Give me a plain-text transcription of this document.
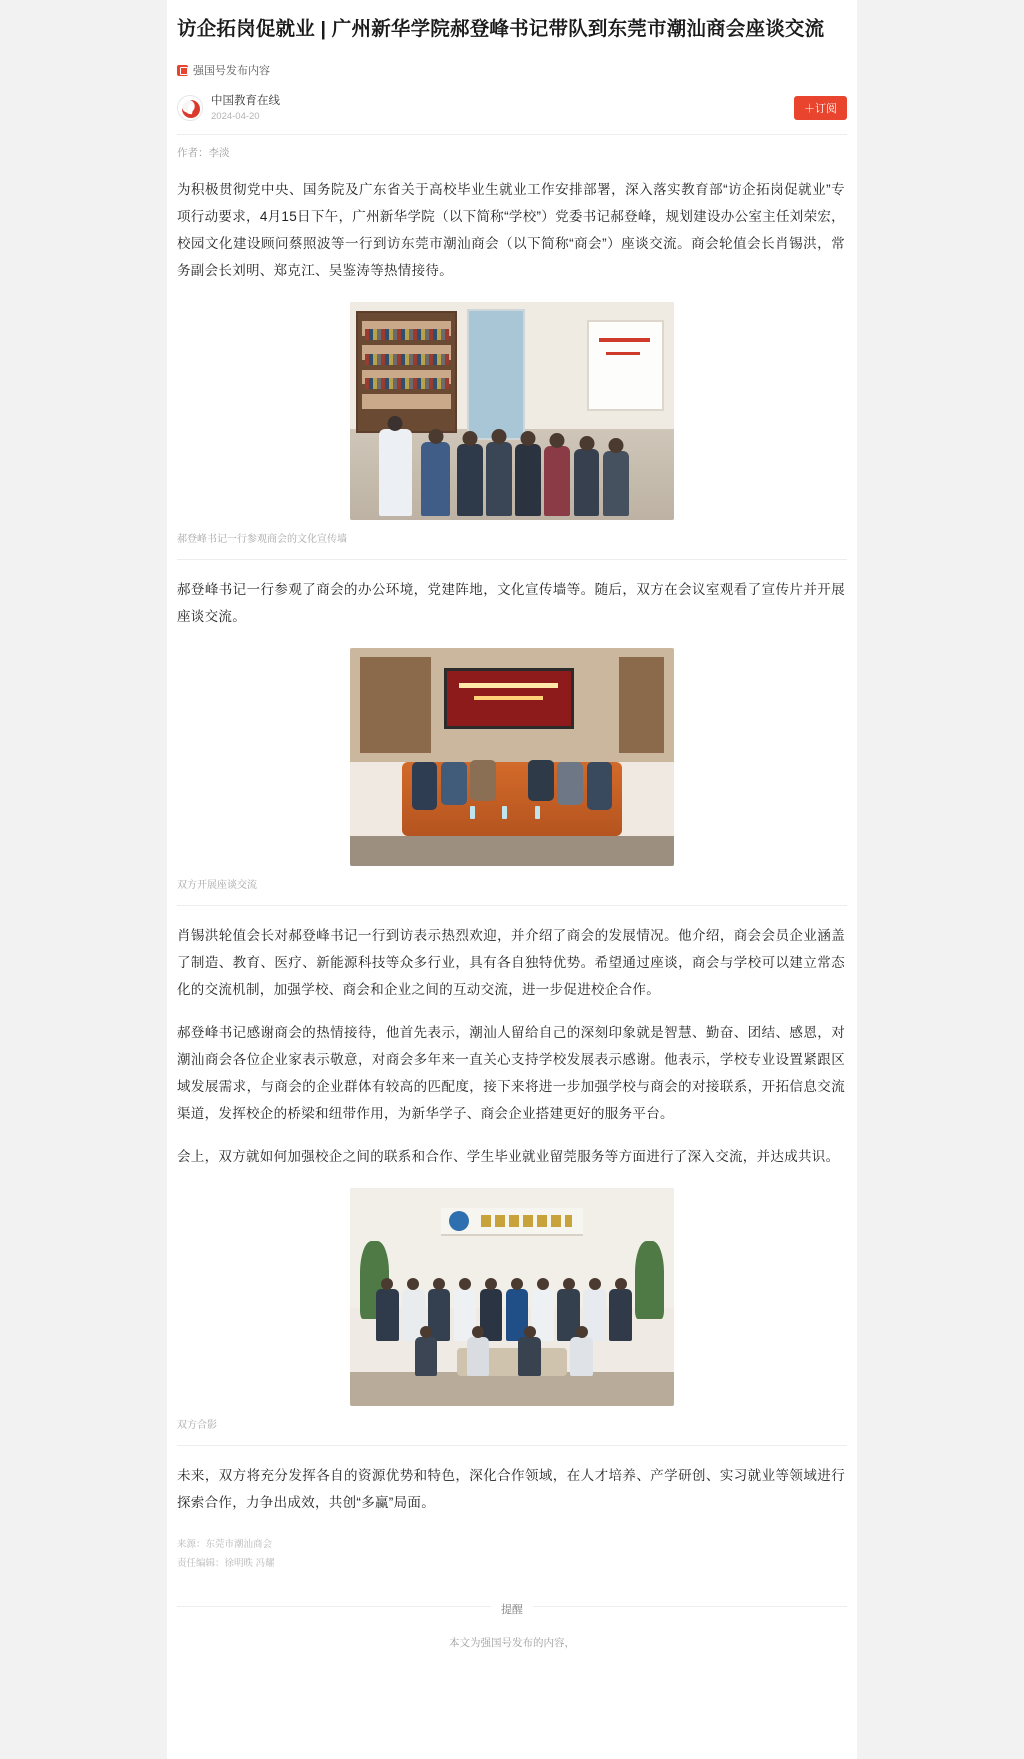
访企拓岗促就业 | 广州新华学院郝登峰书记带队到东莞市潮汕商会座谈交流
强国号发布内容
中国教育在线
2024-04-20
＋订阅
作者：李淡

为积极贯彻党中央、国务院及广东省关于高校毕业生就业工作安排部署，深入落实教育部“访企拓岗促就业”专项行动要求，4月15日下午，广州新华学院（以下简称“学校”）党委书记郝登峰，规划建设办公室主任刘荣宏，校园文化建设顾问蔡照波等一行到访东莞市潮汕商会（以下简称“商会”）座谈交流。商会轮值会长肖锡洪，常务副会长刘明、郑克江、吴鉴涛等热情接待。

郝登峰书记一行参观商会的文化宣传墙

郝登峰书记一行参观了商会的办公环境，党建阵地，文化宣传墙等。随后，双方在会议室观看了宣传片并开展座谈交流。

双方开展座谈交流

肖锡洪轮值会长对郝登峰书记一行到访表示热烈欢迎，并介绍了商会的发展情况。他介绍，商会会员企业涵盖了制造、教育、医疗、新能源科技等众多行业，具有各自独特优势。希望通过座谈，商会与学校可以建立常态化的交流机制，加强学校、商会和企业之间的互动交流，进一步促进校企合作。

郝登峰书记感谢商会的热情接待，他首先表示，潮汕人留给自己的深刻印象就是智慧、勤奋、团结、感恩，对潮汕商会各位企业家表示敬意，对商会多年来一直关心支持学校发展表示感谢。他表示，学校专业设置紧跟区域发展需求，与商会的企业群体有较高的匹配度，接下来将进一步加强学校与商会的对接联系，开拓信息交流渠道，发挥校企的桥梁和纽带作用，为新华学子、商会企业搭建更好的服务平台。

会上，双方就如何加强校企之间的联系和合作、学生毕业就业留莞服务等方面进行了深入交流，并达成共识。

双方合影

未来，双方将充分发挥各自的资源优势和特色，深化合作领域，在人才培养、产学研创、实习就业等领域进行探索合作，力争出成效，共创“多赢”局面。

来源：东莞市潮汕商会
责任编辑：徐明昳 冯耀
提醒
本文为强国号发布的内容，
